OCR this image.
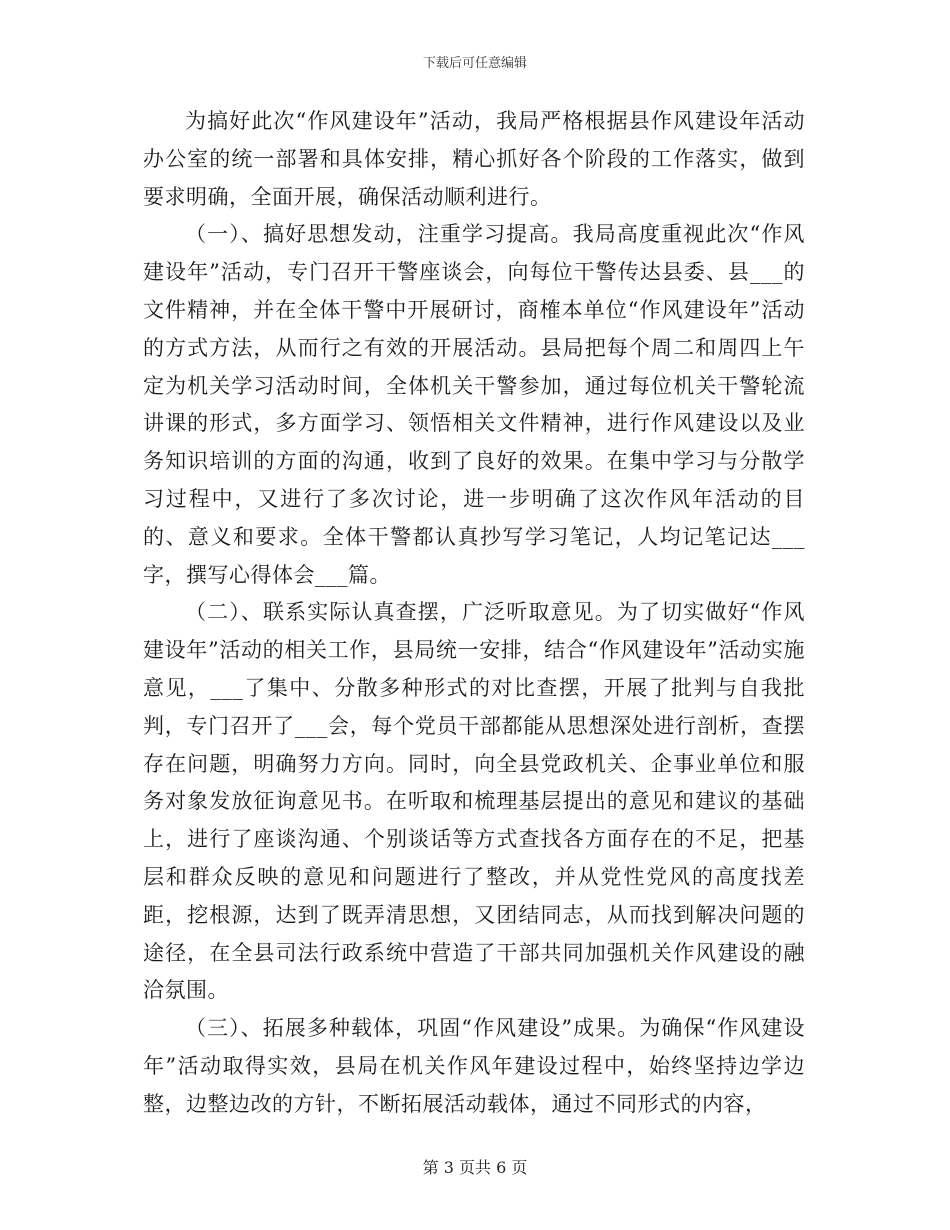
下载后可任意编辑

为搞好此次“作风建设年”活动，我局严格根据县作风建设年活动办公室的统一部署和具体安排，精心抓好各个阶段的工作落实，做到要求明确，全面开展，确保活动顺利进行。

（一）、搞好思想发动，注重学习提高。我局高度重视此次“作风建设年”活动，专门召开干警座谈会，向每位干警传达县委、县___的文件精神，并在全体干警中开展研讨，商榷本单位“作风建设年”活动的方式方法，从而行之有效的开展活动。县局把每个周二和周四上午定为机关学习活动时间，全体机关干警参加，通过每位机关干警轮流讲课的形式，多方面学习、领悟相关文件精神，进行作风建设以及业务知识培训的方面的沟通，收到了良好的效果。在集中学习与分散学习过程中，又进行了多次讨论，进一步明确了这次作风年活动的目的、意义和要求。全体干警都认真抄写学习笔记，人均记笔记达___字，撰写心得体会___篇。

（二）、联系实际认真查摆，广泛听取意见。为了切实做好“作风建设年”活动的相关工作，县局统一安排，结合“作风建设年”活动实施意见，___了集中、分散多种形式的对比查摆，开展了批判与自我批判，专门召开了___会，每个党员干部都能从思想深处进行剖析，查摆存在问题，明确努力方向。同时，向全县党政机关、企事业单位和服务对象发放征询意见书。在听取和梳理基层提出的意见和建议的基础上，进行了座谈沟通、个别谈话等方式查找各方面存在的不足，把基层和群众反映的意见和问题进行了整改，并从党性党风的高度找差距，挖根源，达到了既弄清思想，又团结同志，从而找到解决问题的途径，在全县司法行政系统中营造了干部共同加强机关作风建设的融洽氛围。

（三）、拓展多种载体，巩固“作风建设”成果。为确保“作风建设年”活动取得实效，县局在机关作风年建设过程中，始终坚持边学边整，边整边改的方针，不断拓展活动载体，通过不同形式的内容，

第 3 页共 6 页
